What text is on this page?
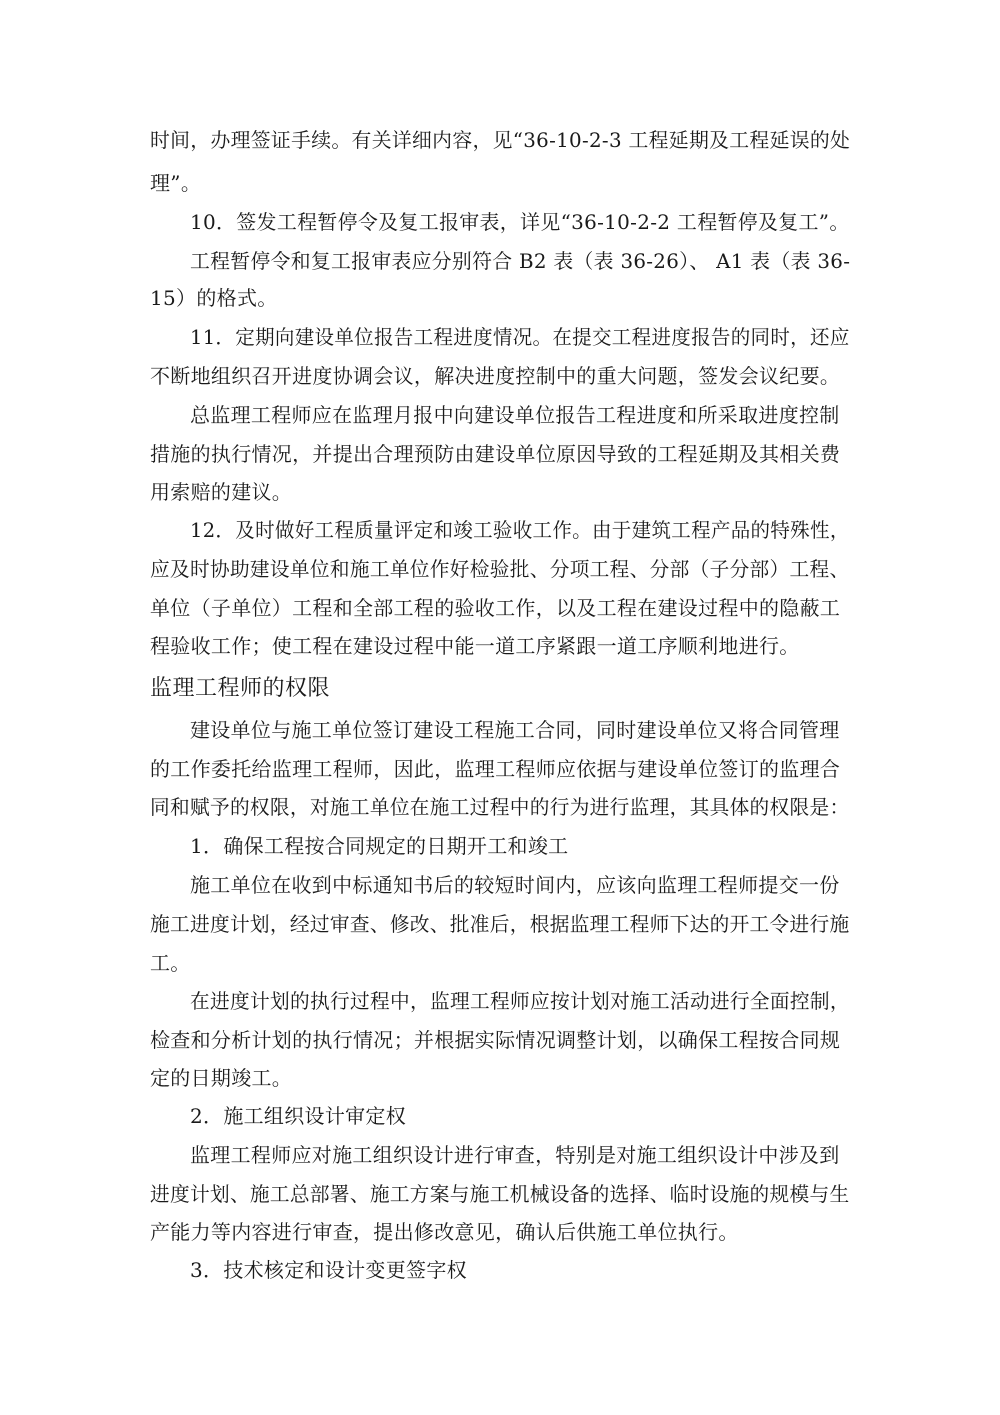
时间，办理签证手续。有关详细内容，见“36-10-2-3 工程延期及工程延误的处
理”。
10．签发工程暂停令及复工报审表，详见“36-10-2-2 工程暂停及复工”。
工程暂停令和复工报审表应分别符合 B2 表（表 36-26）、 A1 表（表 36-
15）的格式。
11．定期向建设单位报告工程进度情况。在提交工程进度报告的同时，还应
不断地组织召开进度协调会议，解决进度控制中的重大问题，签发会议纪要。
总监理工程师应在监理月报中向建设单位报告工程进度和所采取进度控制
措施的执行情况，并提出合理预防由建设单位原因导致的工程延期及其相关费
用索赔的建议。
12．及时做好工程质量评定和竣工验收工作。由于建筑工程产品的特殊性，
应及时协助建设单位和施工单位作好检验批、分项工程、分部（子分部）工程、
单位（子单位）工程和全部工程的验收工作，以及工程在建设过程中的隐蔽工
程验收工作；使工程在建设过程中能一道工序紧跟一道工序顺利地进行。
监理工程师的权限
建设单位与施工单位签订建设工程施工合同，同时建设单位又将合同管理
的工作委托给监理工程师，因此，监理工程师应依据与建设单位签订的监理合
同和赋予的权限，对施工单位在施工过程中的行为进行监理，其具体的权限是：
1．确保工程按合同规定的日期开工和竣工
施工单位在收到中标通知书后的较短时间内，应该向监理工程师提交一份
施工进度计划，经过审查、修改、批准后，根据监理工程师下达的开工令进行施
工。
在进度计划的执行过程中，监理工程师应按计划对施工活动进行全面控制，
检查和分析计划的执行情况；并根据实际情况调整计划，以确保工程按合同规
定的日期竣工。
2．施工组织设计审定权
监理工程师应对施工组织设计进行审查，特别是对施工组织设计中涉及到
进度计划、施工总部署、施工方案与施工机械设备的选择、临时设施的规模与生
产能力等内容进行审查，提出修改意见，确认后供施工单位执行。
3．技术核定和设计变更签字权
